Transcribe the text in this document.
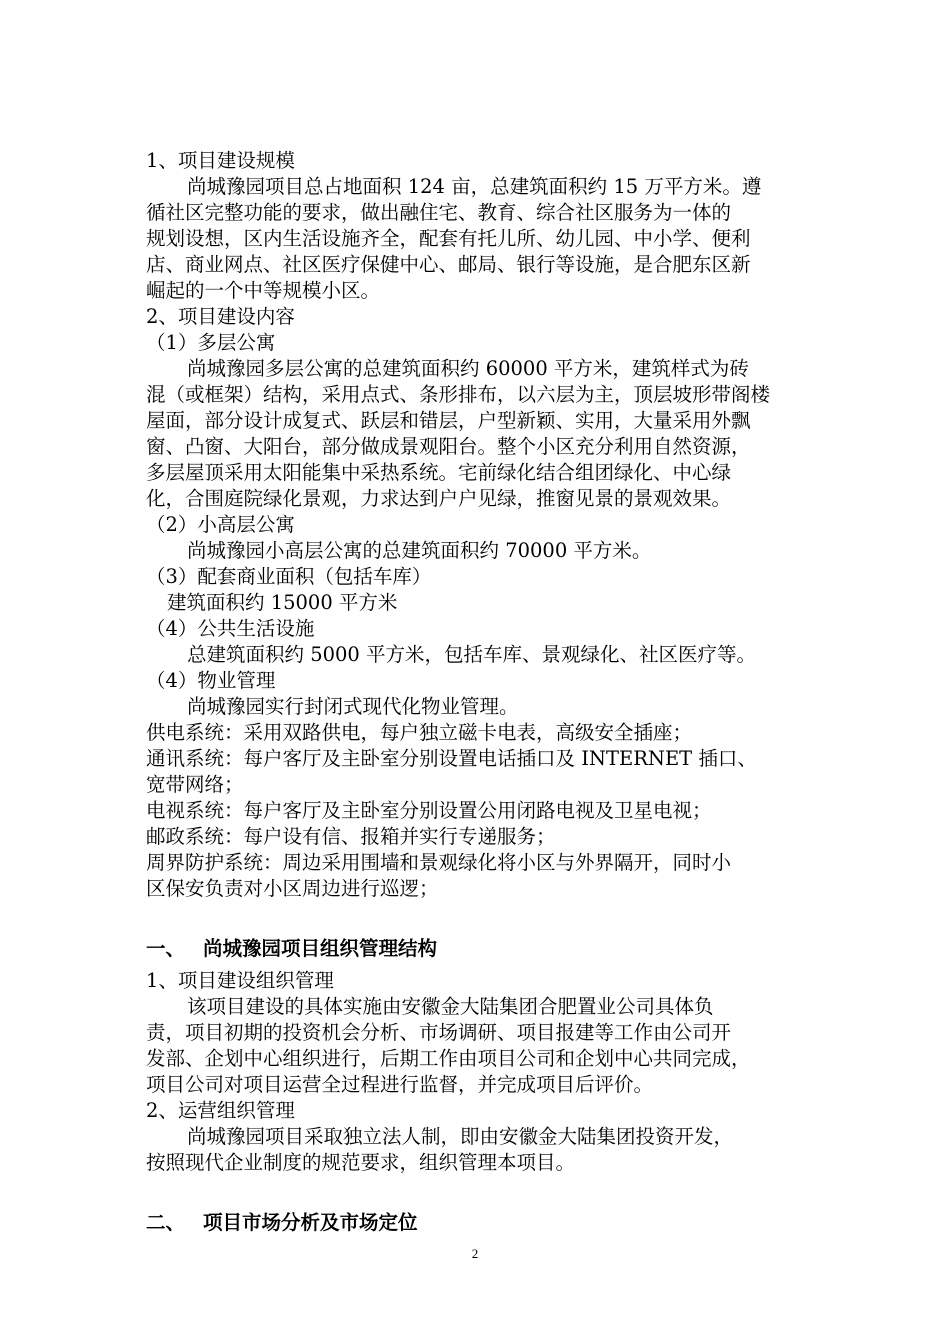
1、项目建设规模
尚城豫园项目总占地面积 124 亩，总建筑面积约 15 万平方米。遵
循社区完整功能的要求，做出融住宅、教育、综合社区服务为一体的
规划设想，区内生活设施齐全，配套有托儿所、幼儿园、中小学、便利
店、商业网点、社区医疗保健中心、邮局、银行等设施，是合肥东区新
崛起的一个中等规模小区。
2、项目建设内容
（1）多层公寓
尚城豫园多层公寓的总建筑面积约 60000 平方米，建筑样式为砖
混（或框架）结构，采用点式、条形排布，以六层为主，顶层坡形带阁楼
屋面，部分设计成复式、跃层和错层，户型新颖、实用，大量采用外飘
窗、凸窗、大阳台，部分做成景观阳台。整个小区充分利用自然资源，
多层屋顶采用太阳能集中采热系统。宅前绿化结合组团绿化、中心绿
化，合围庭院绿化景观，力求达到户户见绿，推窗见景的景观效果。
（2）小高层公寓
尚城豫园小高层公寓的总建筑面积约 70000 平方米。
（3）配套商业面积（包括车库）
建筑面积约 15000 平方米
（4）公共生活设施
总建筑面积约 5000 平方米，包括车库、景观绿化、社区医疗等。
（4）物业管理
尚城豫园实行封闭式现代化物业管理。
供电系统：采用双路供电，每户独立磁卡电表，高级安全插座；
通讯系统：每户客厅及主卧室分别设置电话插口及 INTERNET 插口、
宽带网络；
电视系统：每户客厅及主卧室分别设置公用闭路电视及卫星电视；
邮政系统：每户设有信、报箱并实行专递服务；
周界防护系统：周边采用围墙和景观绿化将小区与外界隔开，同时小
区保安负责对小区周边进行巡逻；
一、 尚城豫园项目组织管理结构
1、项目建设组织管理
该项目建设的具体实施由安徽金大陆集团合肥置业公司具体负
责，项目初期的投资机会分析、市场调研、项目报建等工作由公司开
发部、企划中心组织进行，后期工作由项目公司和企划中心共同完成，
项目公司对项目运营全过程进行监督，并完成项目后评价。
2、运营组织管理
尚城豫园项目采取独立法人制，即由安徽金大陆集团投资开发，
按照现代企业制度的规范要求，组织管理本项目。
二、 项目市场分析及市场定位
2
